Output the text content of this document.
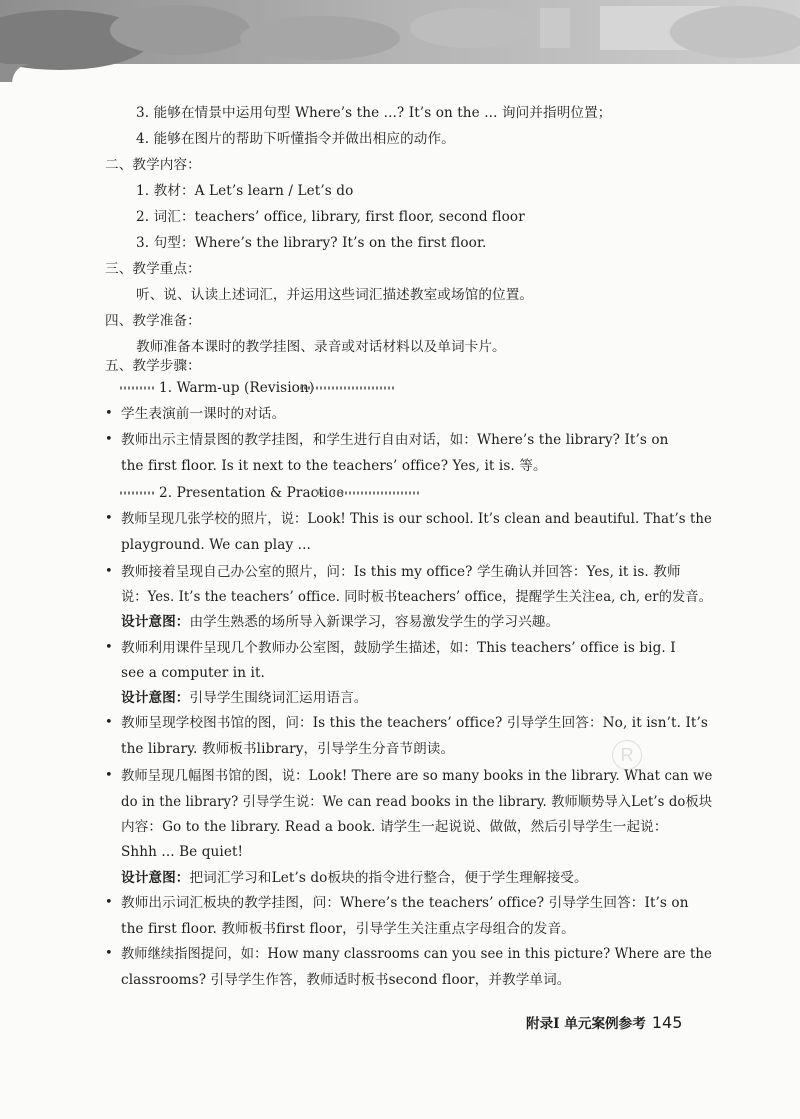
3. 能够在情景中运用句型 Where’s the ...? It’s on the ... 询问并指明位置；
4. 能够在图片的帮助下听懂指令并做出相应的动作。
二、教学内容：
1. 教材：A Let’s learn / Let’s do
2. 词汇：teachers’ office, library, first floor, second floor
3. 句型：Where’s the library? It’s on the first floor.
三、教学重点：
听、说、认读上述词汇，并运用这些词汇描述教室或场馆的位置。
四、教学准备：
教师准备本课时的教学挂图、录音或对话材料以及单词卡片。
五、教学步骤：
1. Warm-up (Revision)
• 学生表演前一课时的对话。
• 教师出示主情景图的教学挂图，和学生进行自由对话，如：Where’s the library? It’s on
the first floor. Is it next to the teachers’ office? Yes, it is. 等。
2. Presentation & Practice
• 教师呈现几张学校的照片，说：Look! This is our school. It’s clean and beautiful. That’s the
playground. We can play ...
• 教师接着呈现自己办公室的照片，问：Is this my office? 学生确认并回答：Yes, it is. 教师
说：Yes. It’s the teachers’ office. 同时板书teachers’ office，提醒学生关注ea, ch, er的发音。
设计意图：由学生熟悉的场所导入新课学习，容易激发学生的学习兴趣。
• 教师利用课件呈现几个教师办公室图，鼓励学生描述，如：This teachers’ office is big. I
see a computer in it.
设计意图：引导学生围绕词汇运用语言。
• 教师呈现学校图书馆的图，问：Is this the teachers’ office? 引导学生回答：No, it isn’t. It’s
the library. 教师板书library，引导学生分音节朗读。	R
• 教师呈现几幅图书馆的图，说：Look! There are so many books in the library. What can we
do in the library? 引导学生说：We can read books in the library. 教师顺势导入Let’s do板块
内容：Go to the library. Read a book. 请学生一起说说、做做，然后引导学生一起说：
Shhh ... Be quiet!
设计意图：把词汇学习和Let’s do板块的指令进行整合，便于学生理解接受。
• 教师出示词汇板块的教学挂图，问：Where’s the teachers’ office? 引导学生回答：It’s on
the first floor. 教师板书first floor，引导学生关注重点字母组合的发音。
• 教师继续指图提问，如：How many classrooms can you see in this picture? Where are the
classrooms? 引导学生作答，教师适时板书second floor，并教学单词。
附录Ⅰ 单元案例参考 145
